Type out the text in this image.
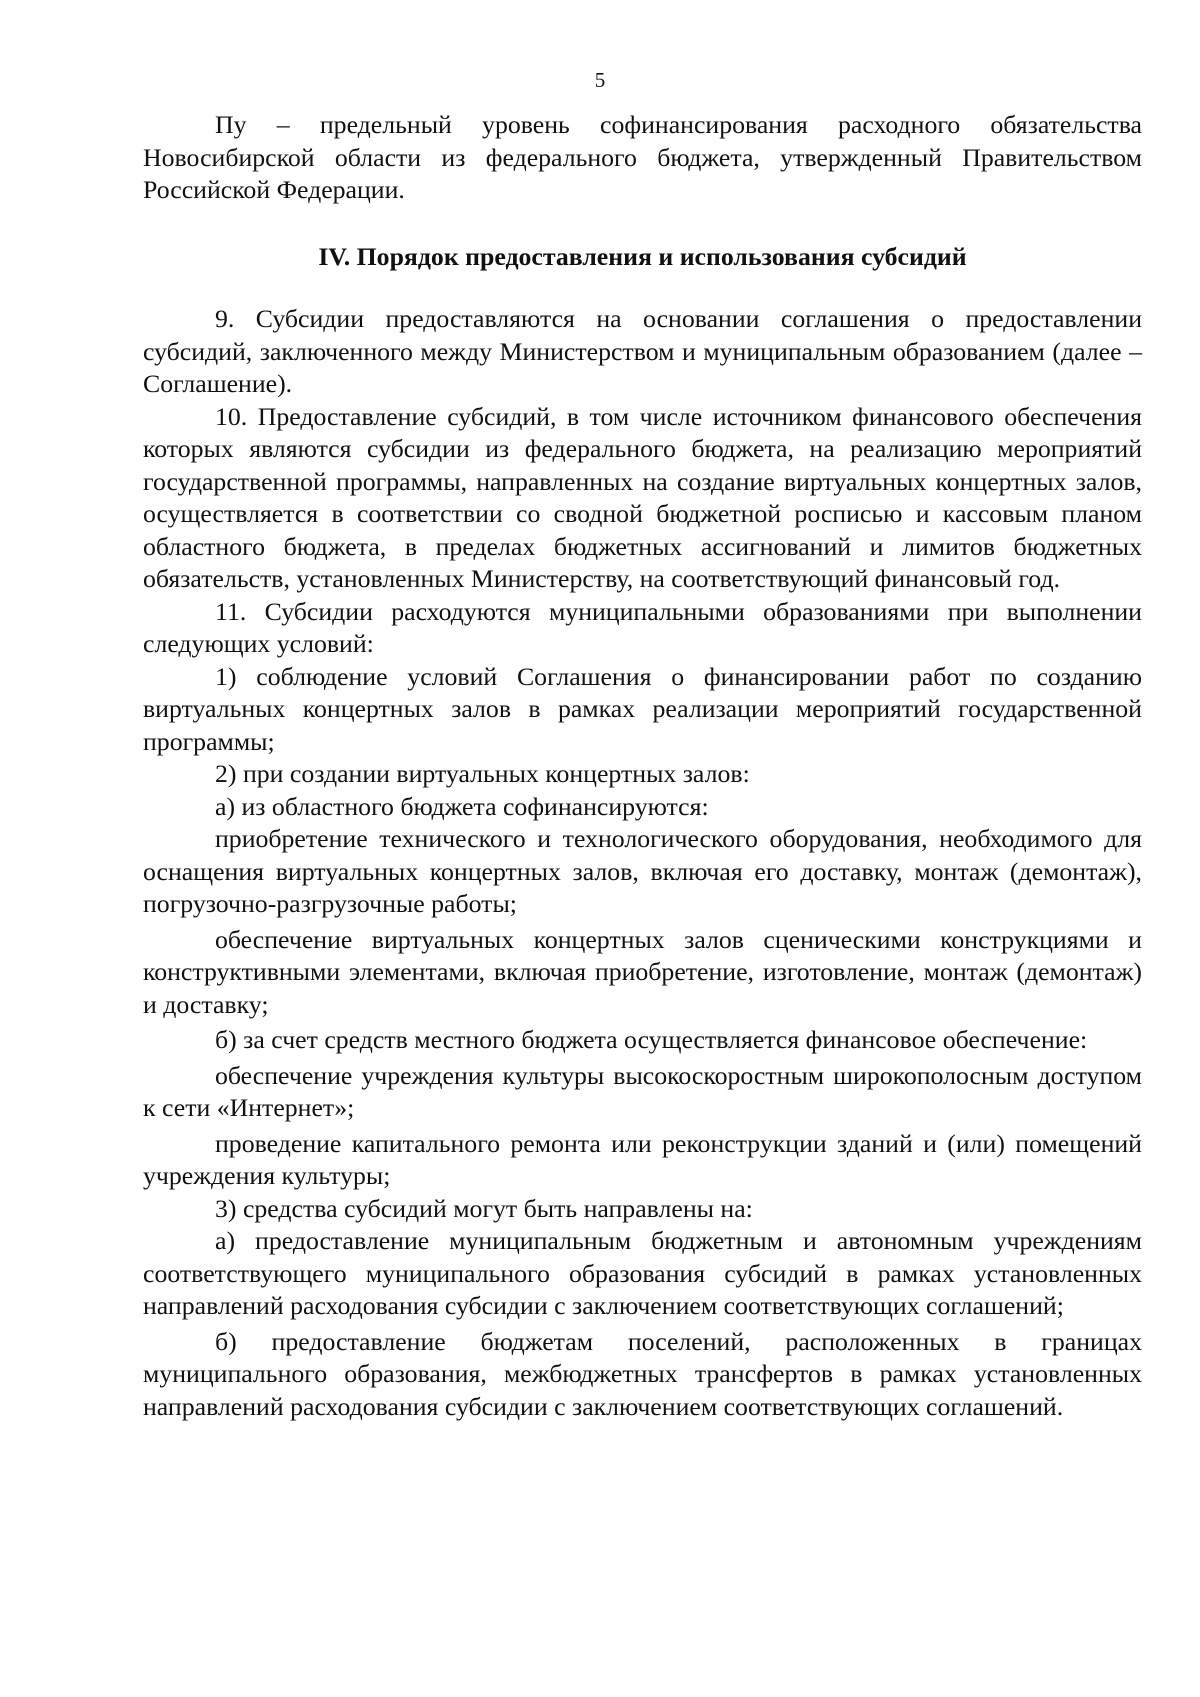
5

Пу – предельный уровень софинансирования расходного обязательства Новосибирской области из федерального бюджета, утвержденный Правительством Российской Федерации.

IV. Порядок предоставления и использования субсидий

9. Субсидии предоставляются на основании соглашения о предоставлении субсидий, заключенного между Министерством и муниципальным образованием (далее – Соглашение).

10. Предоставление субсидий, в том числе источником финансового обеспечения которых являются субсидии из федерального бюджета, на реализацию мероприятий государственной программы, направленных на создание виртуальных концертных залов, осуществляется в соответствии со сводной бюджетной росписью и кассовым планом областного бюджета, в пределах бюджетных ассигнований и лимитов бюджетных обязательств, установленных Министерству, на соответствующий финансовый год.

11. Субсидии расходуются муниципальными образованиями при выполнении следующих условий:

1) соблюдение условий Соглашения о финансировании работ по созданию виртуальных концертных залов в рамках реализации мероприятий государственной программы;

2) при создании виртуальных концертных залов:

а) из областного бюджета софинансируются:

приобретение технического и технологического оборудования, необходимого для оснащения виртуальных концертных залов, включая его доставку, монтаж (демонтаж), погрузочно-разгрузочные работы;

обеспечение виртуальных концертных залов сценическими конструкциями и конструктивными элементами, включая приобретение, изготовление, монтаж (демонтаж) и доставку;

б) за счет средств местного бюджета осуществляется финансовое обеспечение:

обеспечение учреждения культуры высокоскоростным широкополосным доступом к сети «Интернет»;

проведение капитального ремонта или реконструкции зданий и (или) помещений учреждения культуры;

3) средства субсидий могут быть направлены на:

а) предоставление муниципальным бюджетным и автономным учреждениям соответствующего муниципального образования субсидий в рамках установленных направлений расходования субсидии с заключением соответствующих соглашений;

б) предоставление бюджетам поселений, расположенных в границах муниципального образования, межбюджетных трансфертов в рамках установленных направлений расходования субсидии с заключением соответствующих соглашений.
